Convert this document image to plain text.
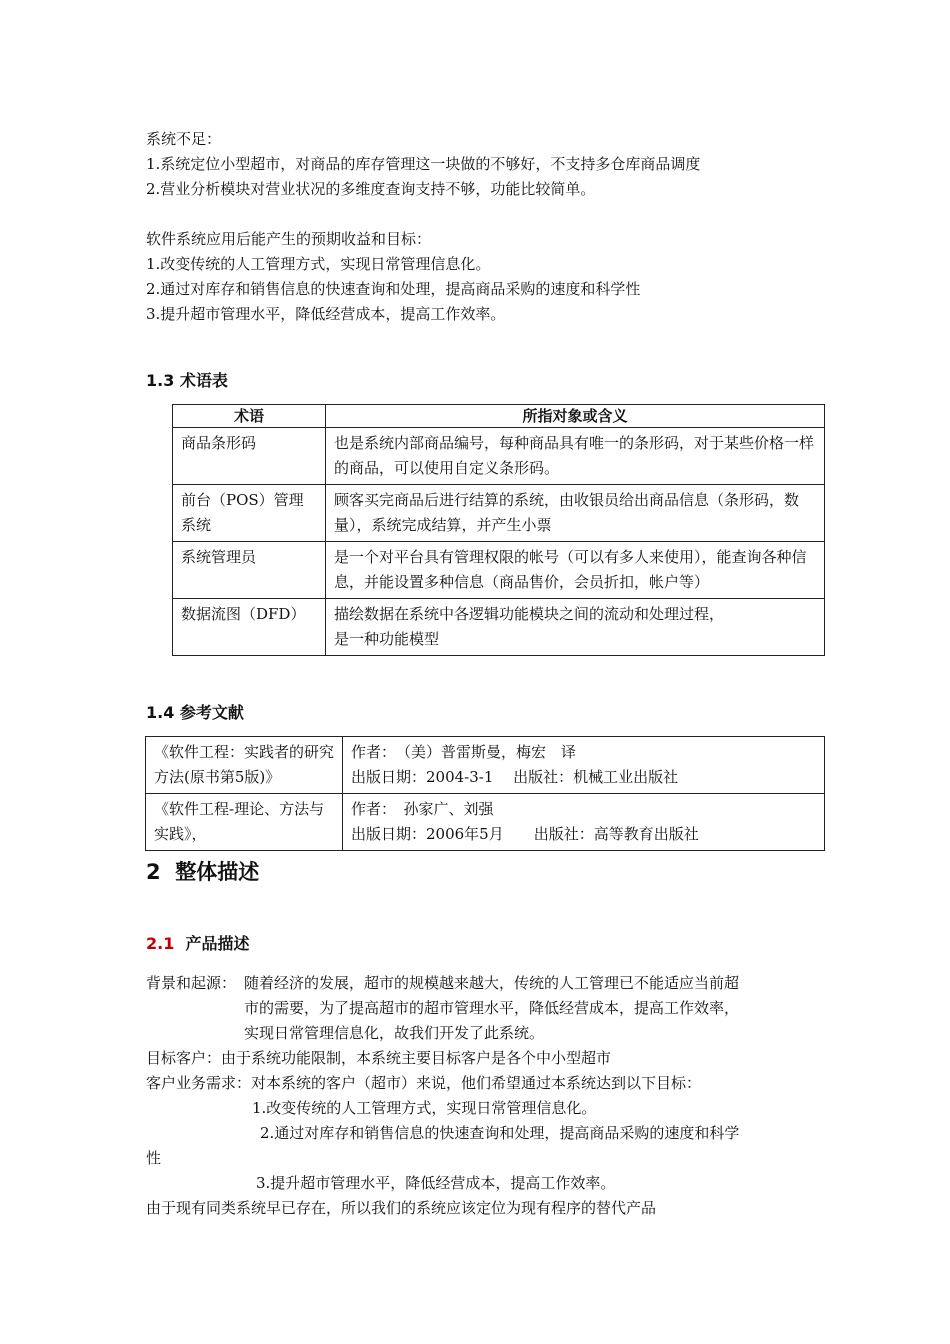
系统不足：
1.系统定位小型超市，对商品的库存管理这一块做的不够好，不支持多仓库商品调度
2.营业分析模块对营业状况的多维度查询支持不够，功能比较简单。
软件系统应用后能产生的预期收益和目标：
1.改变传统的人工管理方式，实现日常管理信息化。
2.通过对库存和销售信息的快速查询和处理，提高商品采购的速度和科学性
3.提升超市管理水平，降低经营成本，提高工作效率。
1.3 术语表
术语	所指对象或含义
商品条形码	也是系统内部商品编号，每种商品具有唯一的条形码，对于某些价格一样的商品，可以使用自定义条形码。
前台（POS）管理系统	顾客买完商品后进行结算的系统，由收银员给出商品信息（条形码，数量），系统完成结算，并产生小票
系统管理员	是一个对平台具有管理权限的帐号（可以有多人来使用），能查询各种信息，并能设置多种信息（商品售价，会员折扣，帐户等）
数据流图（DFD）	描绘数据在系统中各逻辑功能模块之间的流动和处理过程，
是一种功能模型
1.4 参考文献
《软件工程：实践者的研究方法(原书第5版)》	作者：　（美）普雷斯曼，梅宏　译
出版日期：2004-3-1　 出版社：机械工业出版社

《软件工程-理论、方法与实践》，	作者：　孙家广、刘强
出版日期：2006年5月　　出版社：高等教育出版社
2 整体描述
2.1 产品描述
背景和起源： 随着经济的发展，超市的规模越来越大，传统的人工管理已不能适应当前超
市的需要，为了提高超市的超市管理水平，降低经营成本，提高工作效率，
实现日常管理信息化，故我们开发了此系统。
目标客户：由于系统功能限制，本系统主要目标客户是各个中小型超市
客户业务需求：对本系统的客户（超市）来说，他们希望通过本系统达到以下目标：
1.改变传统的人工管理方式，实现日常管理信息化。
2.通过对库存和销售信息的快速查询和处理，提高商品采购的速度和科学
性
3.提升超市管理水平，降低经营成本，提高工作效率。
由于现有同类系统早已存在，所以我们的系统应该定位为现有程序的替代产品
